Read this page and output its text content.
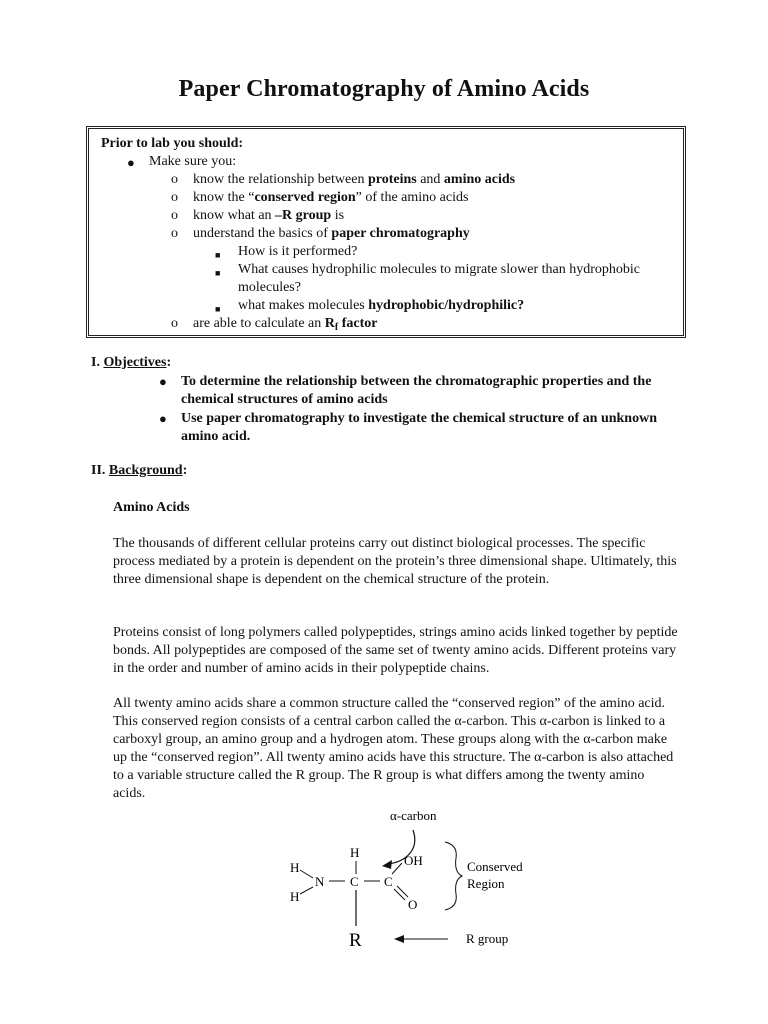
Paper Chromatography of Amino Acids
Prior to lab you should:
● Make sure you:
o know the relationship between proteins and amino acids
o know the “conserved region” of the amino acids
o know what an –R group is
o understand the basics of paper chromatography
■ How is it performed?
■ What causes hydrophilic molecules to migrate slower than hydrophobic
molecules?
■ what makes molecules hydrophobic/hydrophilic?
o are able to calculate an $R_f$ factor
I. Objectives:
● To determine the relationship between the chromatographic properties and the chemical structures of amino acids
● Use paper chromatography to investigate the chemical structure of an unknown amino acid.
II. Background:
Amino Acids
The thousands of different cellular proteins carry out distinct biological processes. The specific process mediated by a protein is dependent on the protein’s three dimensional shape. Ultimately, this three dimensional shape is dependent on the chemical structure of the protein.
Proteins consist of long polymers called polypeptides, strings amino acids linked together by peptide bonds. All polypeptides are composed of the same set of twenty amino acids. Different proteins vary in the order and number of amino acids in their polypeptide chains.
All twenty amino acids share a common structure called the “conserved region” of the amino acid. This conserved region consists of a central carbon called the α-carbon. This α-carbon is linked to a carboxyl group, an amino group and a hydrogen atom. These groups along with the α-carbon make up the “conserved region”. All twenty amino acids have this structure. The α-carbon is also attached to a variable structure called the R group. The R group is what differs among the twenty amino acids.
α-carbon
H
OH
H
N C C
H
O
R
Conserved
Region
R group
